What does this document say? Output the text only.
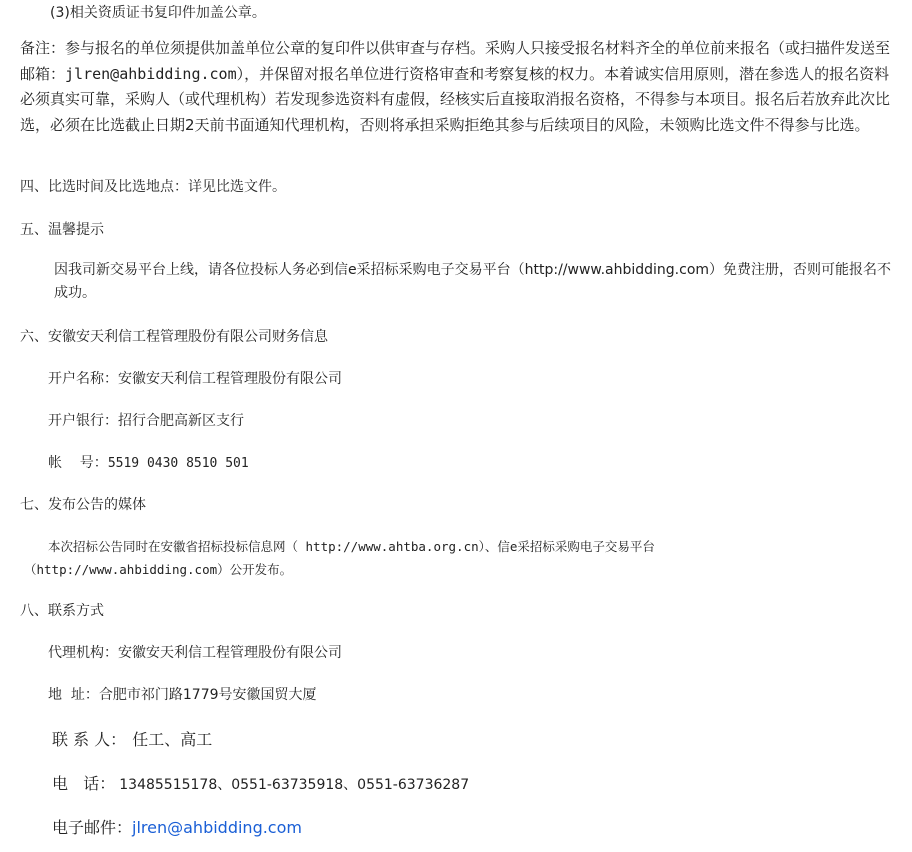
(3)相关资质证书复印件加盖公章。

备注：参与报名的单位须提供加盖单位公章的复印件以供审查与存档。采购人只接受报名材料齐全的单位前来报名（或扫描件发送至邮箱：jlren@ahbidding.com），并保留对报名单位进行资格审查和考察复核的权力。本着诚实信用原则，潜在参选人的报名资料必须真实可靠，采购人（或代理机构）若发现参选资料有虚假，经核实后直接取消报名资格，不得参与本项目。报名后若放弃此次比选，必须在比选截止日期2天前书面通知代理机构，否则将承担采购拒绝其参与后续项目的风险，未领购比选文件不得参与比选。

四、比选时间及比选地点：详见比选文件。

五、温馨提示

因我司新交易平台上线，请各位投标人务必到信e采招标采购电子交易平台（http://www.ahbidding.com）免费注册，否则可能报名不成功。

六、安徽安天利信工程管理股份有限公司财务信息

开户名称：安徽安天利信工程管理股份有限公司

开户银行：招行合肥高新区支行

帐    号：5519 0430 8510 501

七、发布公告的媒体

本次招标公告同时在安徽省招标投标信息网（ http://www.ahtba.org.cn）、信e采招标采购电子交易平台

（http://www.ahbidding.com）公开发布。

八、联系方式

代理机构：安徽安天利信工程管理股份有限公司

地  址：合肥市祁门路1779号安徽国贸大厦

联 系 人： 任工、高工

电   话： 13485515178、0551-63735918、0551-63736287

电子邮件：jlren@ahbidding.com
